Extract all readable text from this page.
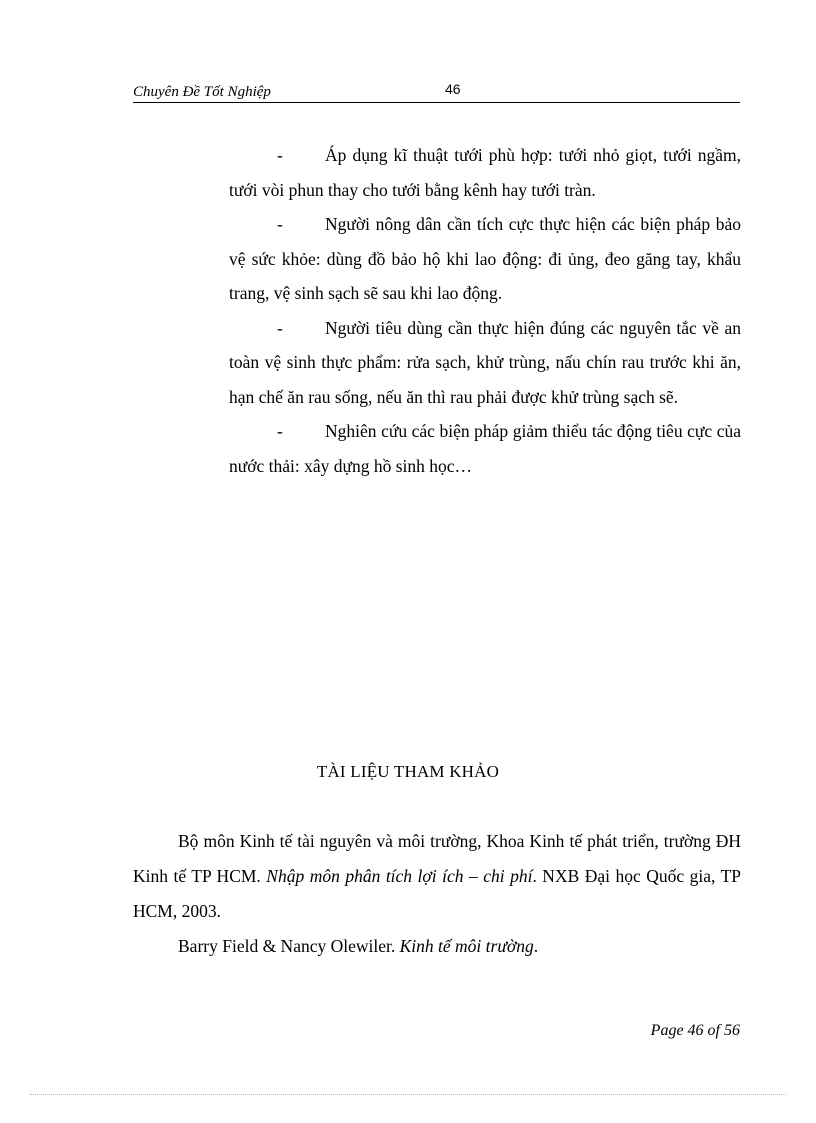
Chuyên Đề Tốt Nghiệp	46

- Áp dụng kĩ thuật tưới phù hợp: tưới nhỏ giọt, tưới ngầm, tưới vòi phun thay cho tưới bằng kênh hay tưới tràn.

- Người nông dân cần tích cực thực hiện các biện pháp bảo vệ sức khỏe: dùng đồ bảo hộ khi lao động: đi ủng, đeo găng tay, khẩu trang, vệ sinh sạch sẽ sau khi lao động.

- Người tiêu dùng cần thực hiện đúng các nguyên tắc về an toàn vệ sinh thực phẩm: rửa sạch, khử trùng, nấu chín rau trước khi ăn, hạn chế ăn rau sống, nếu ăn thì rau phải được khử trùng sạch sẽ.

- Nghiên cứu các biện pháp giảm thiểu tác động tiêu cực của nước thải: xây dựng hồ sinh học…

TÀI LIỆU THAM KHẢO

Bộ môn Kinh tế tài nguyên và môi trường, Khoa Kinh tế phát triển, trường ĐH Kinh tế TP HCM. Nhập môn phân tích lợi ích – chi phí. NXB Đại học Quốc gia, TP HCM, 2003.

Barry Field & Nancy Olewiler. Kinh tế môi trường.

Page 46 of 56
